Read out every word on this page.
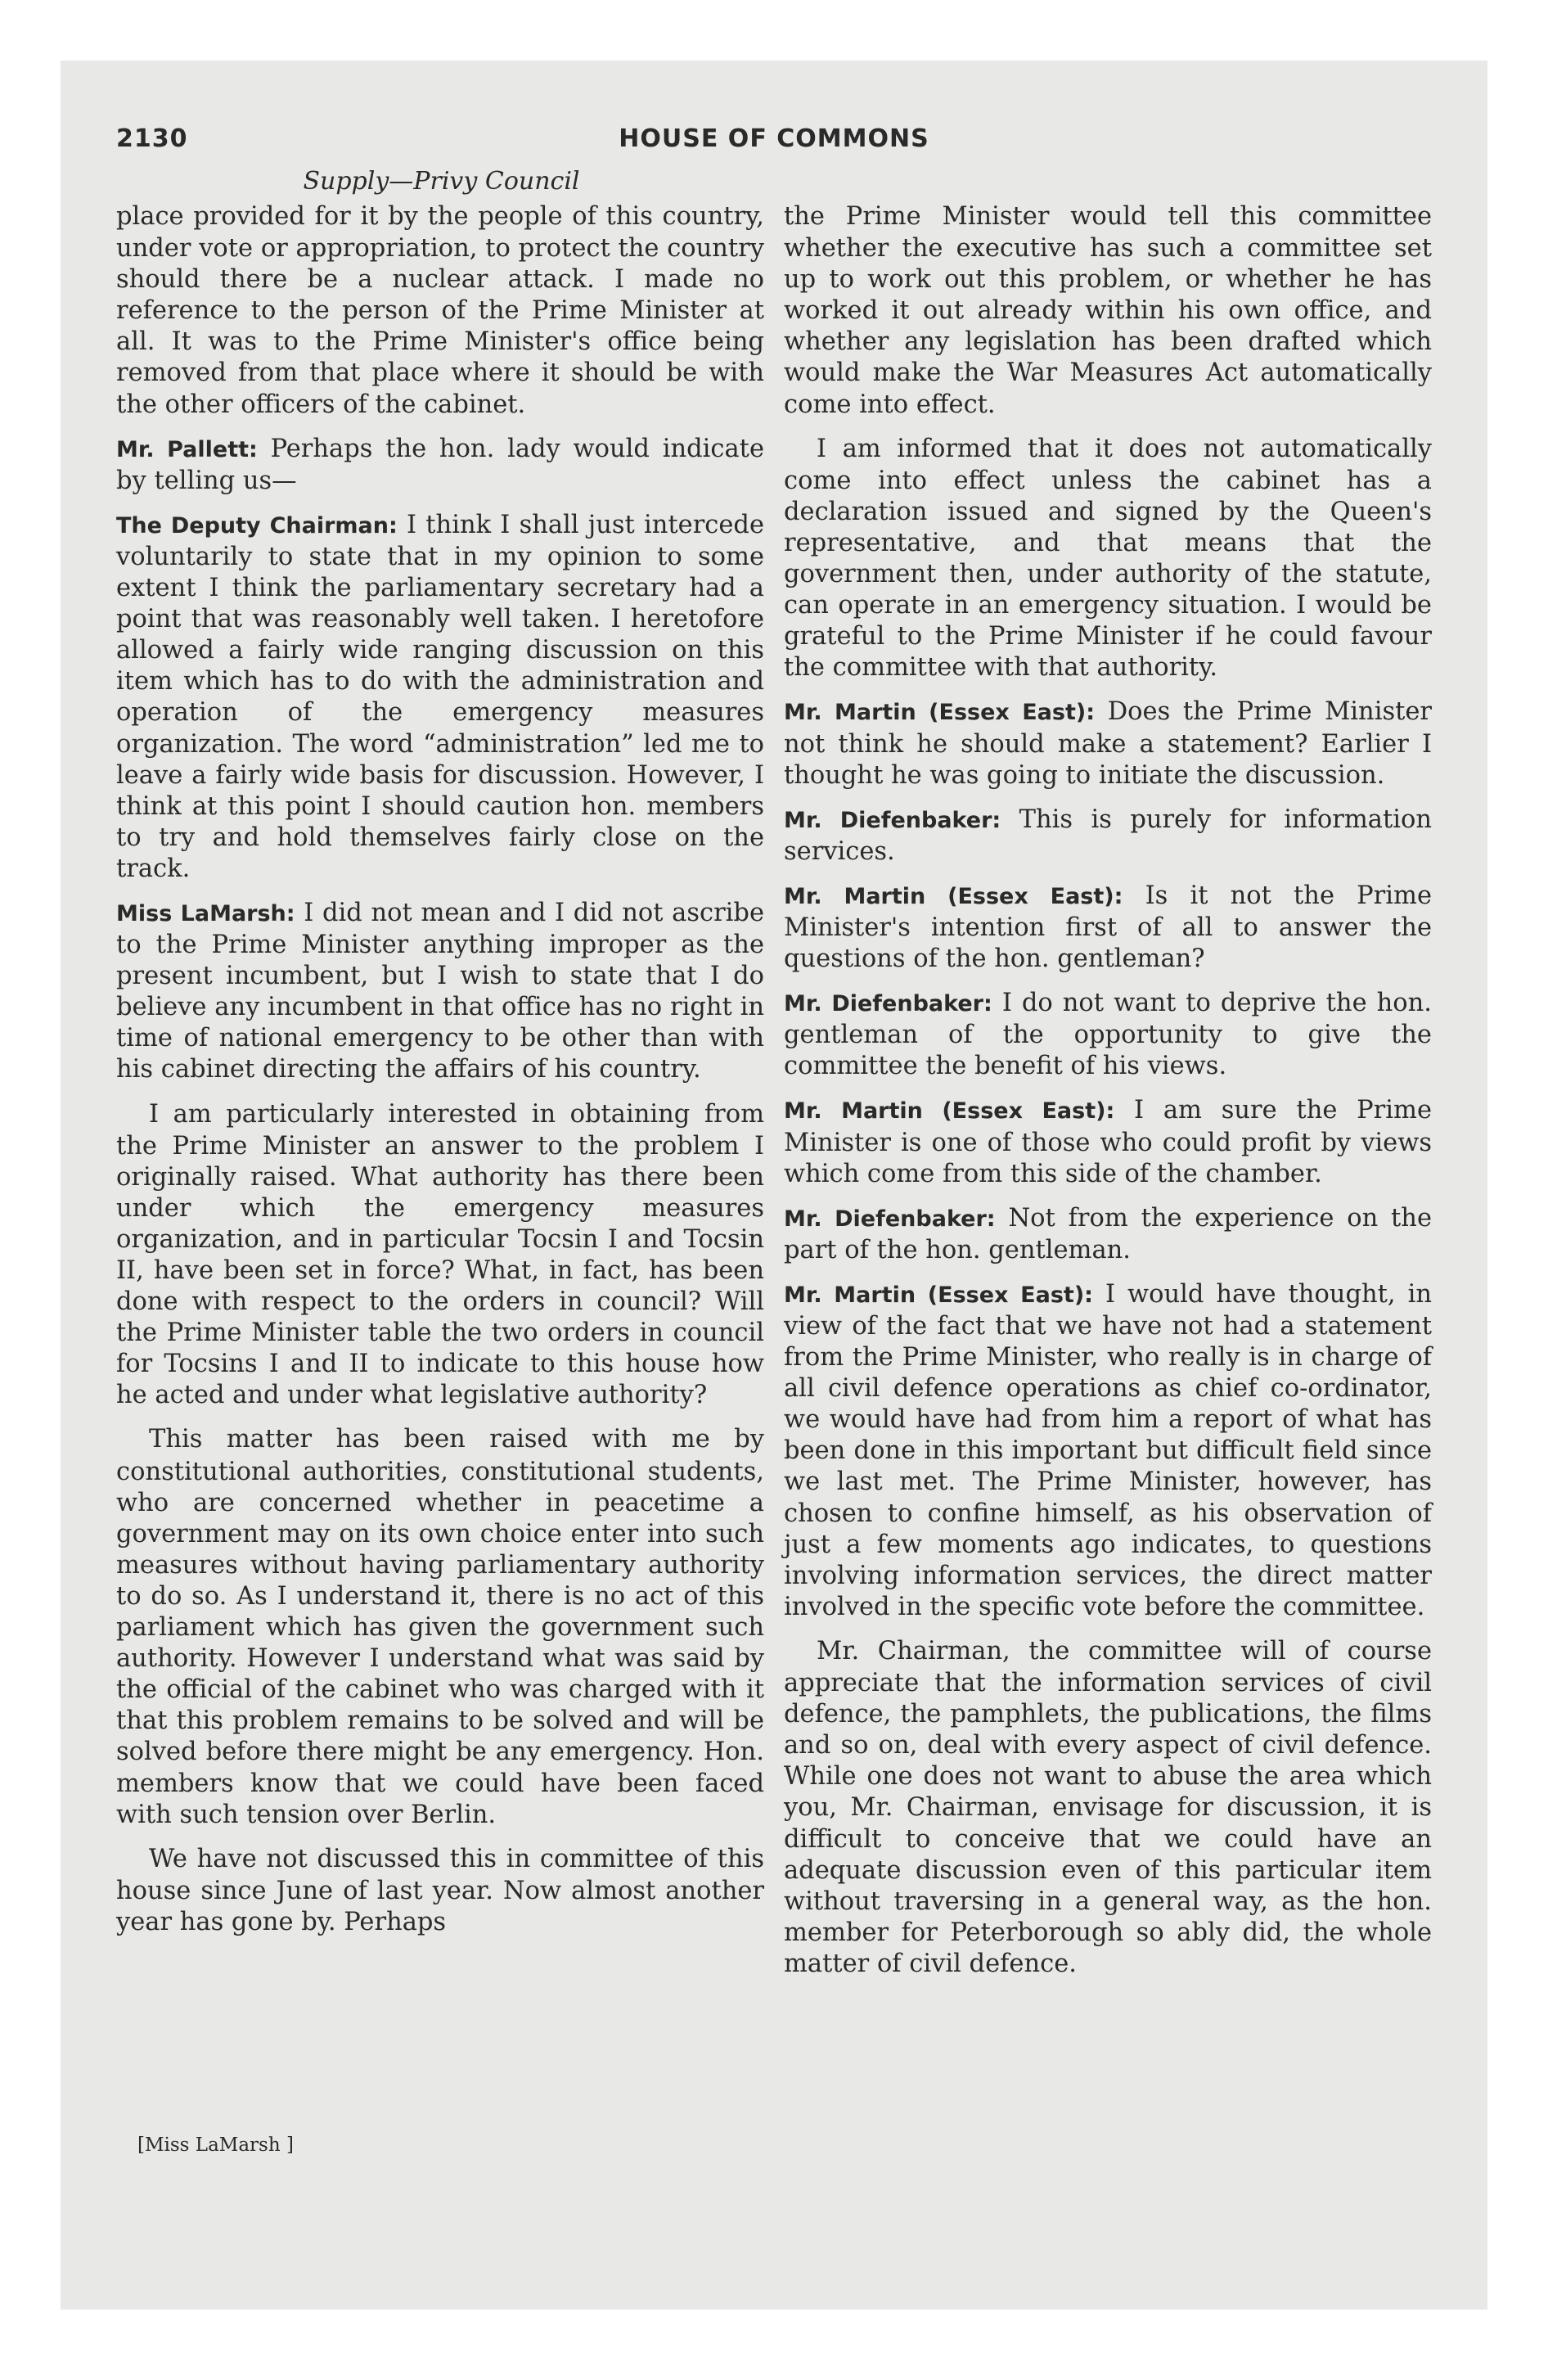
2130	HOUSE OF COMMONS
Supply—Privy Council

place provided for it by the people of this country, under vote or appropriation, to protect the country should there be a nuclear attack. I made no reference to the person of the Prime Minister at all. It was to the Prime Minister's office being removed from that place where it should be with the other officers of the cabinet.

Mr. Pallett: Perhaps the hon. lady would indicate by telling us—

The Deputy Chairman: I think I shall just intercede voluntarily to state that in my opinion to some extent I think the parliamentary secretary had a point that was reasonably well taken. I heretofore allowed a fairly wide ranging discussion on this item which has to do with the administration and operation of the emergency measures organization. The word “administration” led me to leave a fairly wide basis for discussion. However, I think at this point I should caution hon. members to try and hold themselves fairly close on the track.

Miss LaMarsh: I did not mean and I did not ascribe to the Prime Minister anything improper as the present incumbent, but I wish to state that I do believe any incumbent in that office has no right in time of national emergency to be other than with his cabinet directing the affairs of his country.

I am particularly interested in obtaining from the Prime Minister an answer to the problem I originally raised. What authority has there been under which the emergency measures organization, and in particular Tocsin I and Tocsin II, have been set in force? What, in fact, has been done with respect to the orders in council? Will the Prime Minister table the two orders in council for Tocsins I and II to indicate to this house how he acted and under what legislative authority?

This matter has been raised with me by constitutional authorities, constitutional students, who are concerned whether in peacetime a government may on its own choice enter into such measures without having parliamentary authority to do so. As I understand it, there is no act of this parliament which has given the government such authority. However I understand what was said by the official of the cabinet who was charged with it that this problem remains to be solved and will be solved before there might be any emergency. Hon. members know that we could have been faced with such tension over Berlin.

We have not discussed this in committee of this house since June of last year. Now almost another year has gone by. Perhaps

[Miss LaMarsh ]

the Prime Minister would tell this committee whether the executive has such a committee set up to work out this problem, or whether he has worked it out already within his own office, and whether any legislation has been drafted which would make the War Measures Act automatically come into effect.

I am informed that it does not automatically come into effect unless the cabinet has a declaration issued and signed by the Queen's representative, and that means that the government then, under authority of the statute, can operate in an emergency situation. I would be grateful to the Prime Minister if he could favour the committee with that authority.

Mr. Martin (Essex East): Does the Prime Minister not think he should make a statement? Earlier I thought he was going to initiate the discussion.

Mr. Diefenbaker: This is purely for information services.

Mr. Martin (Essex East): Is it not the Prime Minister's intention first of all to answer the questions of the hon. gentleman?

Mr. Diefenbaker: I do not want to deprive the hon. gentleman of the opportunity to give the committee the benefit of his views.

Mr. Martin (Essex East): I am sure the Prime Minister is one of those who could profit by views which come from this side of the chamber.

Mr. Diefenbaker: Not from the experience on the part of the hon. gentleman.

Mr. Martin (Essex East): I would have thought, in view of the fact that we have not had a statement from the Prime Minister, who really is in charge of all civil defence operations as chief co-ordinator, we would have had from him a report of what has been done in this important but difficult field since we last met. The Prime Minister, however, has chosen to confine himself, as his observation of just a few moments ago indicates, to questions involving information services, the direct matter involved in the specific vote before the committee.

Mr. Chairman, the committee will of course appreciate that the information services of civil defence, the pamphlets, the publications, the films and so on, deal with every aspect of civil defence. While one does not want to abuse the area which you, Mr. Chairman, envisage for discussion, it is difficult to conceive that we could have an adequate discussion even of this particular item without traversing in a general way, as the hon. member for Peterborough so ably did, the whole matter of civil defence.
